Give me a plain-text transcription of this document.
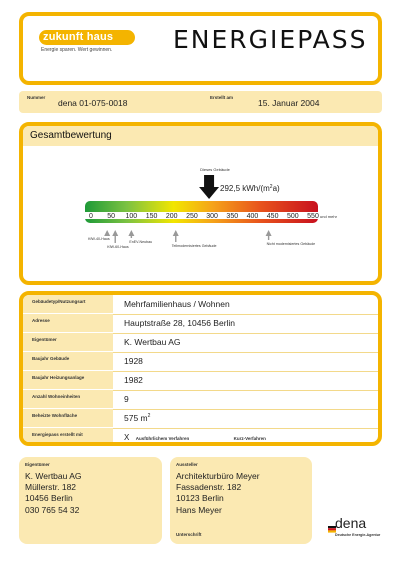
zukunft haus
Energie sparen. Wert gewinnen. ENERGIEPASS
Nummer
dena 01-075-0018
Erstellt am
15. Januar 2004
Gesamtbewertung
Dieses Gebäude
292,5 kWh/$(m^2a)$
0 50 100 150 200 250 300 350 400 450 500 550 und mehr
KfW-40-Haus
KfW-60-Haus
EnEV-Neubau
Teilmodernisiertes Gebäude	Nicht modernisiertes Gebäude
Gebäudetyp/Nutzungsart	Mehrfamilienhaus / Wohnen
Adresse	Hauptstraße 28, 10456 Berlin
Eigentümer	K. Wertbau AG
Baujahr Gebäude	1928
Baujahr Heizungsanlage	1982
Anzahl Wohneinheiten	9
Beheizte Wohnfläche	575 $m^2$
Energiepass erstellt mit	X Ausführlichem Verfahren	Kurz-Verfahren
Eigentümer
K. Wertbau AG
Müllerstr. 182
10456 Berlin
030 765 54 32
Aussteller
Architekturbüro Meyer
Fassadenstr. 182
10123 Berlin
Hans Meyer
Unterschrift
dena
Deutsche Energie-Agentur
